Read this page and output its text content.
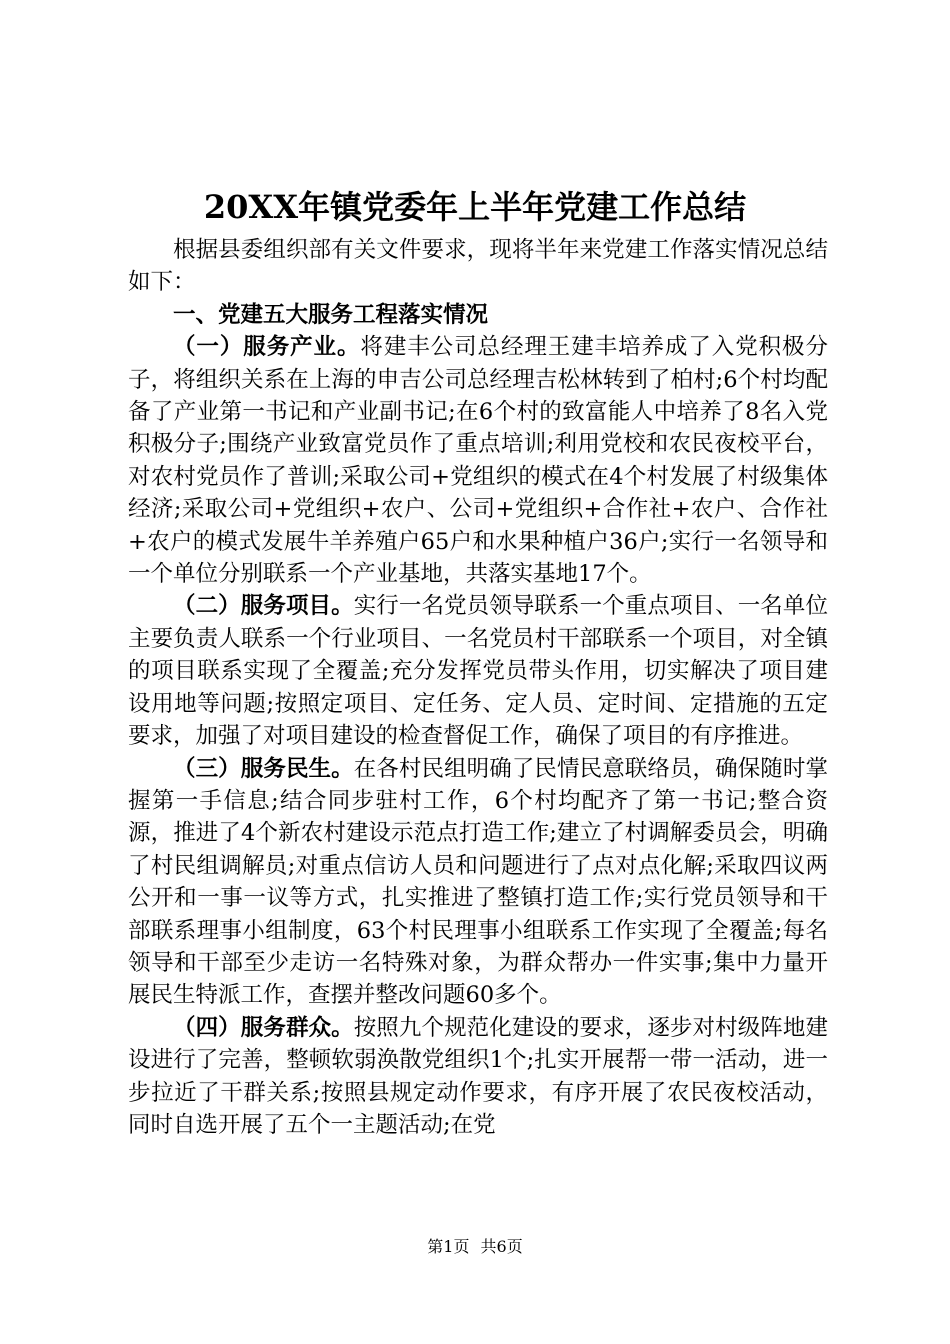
20XX年镇党委年上半年党建工作总结

根据县委组织部有关文件要求，现将半年来党建工作落实情况总结如下：

一、党建五大服务工程落实情况

（一）服务产业。将建丰公司总经理王建丰培养成了入党积极分子，将组织关系在上海的申吉公司总经理吉松林转到了柏村;6个村均配备了产业第一书记和产业副书记;在6个村的致富能人中培养了8名入党积极分子;围绕产业致富党员作了重点培训;利用党校和农民夜校平台，对农村党员作了普训;采取公司+党组织的模式在4个村发展了村级集体经济;采取公司+党组织+农户、公司+党组织+合作社+农户、合作社+农户的模式发展牛羊养殖户65户和水果种植户36户;实行一名领导和一个单位分别联系一个产业基地，共落实基地17个。

（二）服务项目。实行一名党员领导联系一个重点项目、一名单位主要负责人联系一个行业项目、一名党员村干部联系一个项目，对全镇的项目联系实现了全覆盖;充分发挥党员带头作用，切实解决了项目建设用地等问题;按照定项目、定任务、定人员、定时间、定措施的五定要求，加强了对项目建设的检查督促工作，确保了项目的有序推进。

（三）服务民生。在各村民组明确了民情民意联络员，确保随时掌握第一手信息;结合同步驻村工作，6个村均配齐了第一书记;整合资源，推进了4个新农村建设示范点打造工作;建立了村调解委员会，明确了村民组调解员;对重点信访人员和问题进行了点对点化解;采取四议两公开和一事一议等方式，扎实推进了整镇打造工作;实行党员领导和干部联系理事小组制度，63个村民理事小组联系工作实现了全覆盖;每名领导和干部至少走访一名特殊对象，为群众帮办一件实事;集中力量开展民生特派工作，查摆并整改问题60多个。

（四）服务群众。按照九个规范化建设的要求，逐步对村级阵地建设进行了完善，整顿软弱涣散党组织1个;扎实开展帮一带一活动，进一步拉近了干群关系;按照县规定动作要求，有序开展了农民夜校活动，同时自选开展了五个一主题活动;在党

第1页 共6页
